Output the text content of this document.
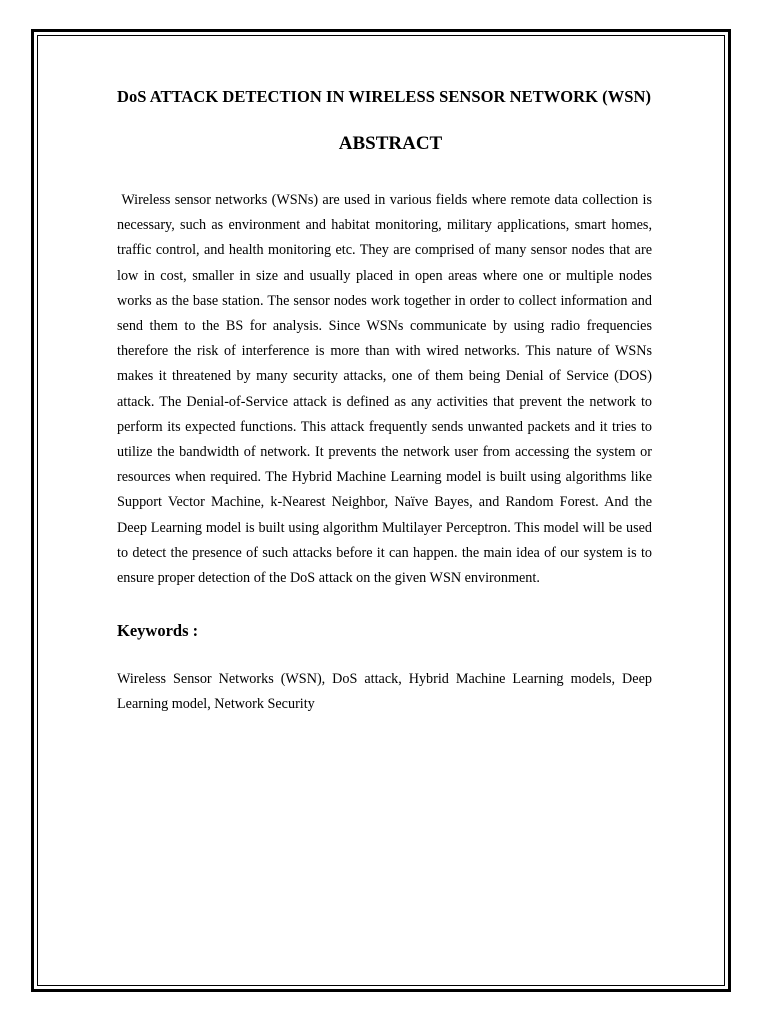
DoS ATTACK DETECTION IN WIRELESS SENSOR NETWORK (WSN)
ABSTRACT

Wireless sensor networks (WSNs) are used in various fields where remote data collection is necessary, such as environment and habitat monitoring, military applications, smart homes, traffic control, and health monitoring etc. They are comprised of many sensor nodes that are low in cost, smaller in size and usually placed in open areas where one or multiple nodes works as the base station. The sensor nodes work together in order to collect information and send them to the BS for analysis. Since WSNs communicate by using radio frequencies therefore the risk of interference is more than with wired networks. This nature of WSNs makes it threatened by many security attacks, one of them being Denial of Service (DOS) attack. The Denial-of-Service attack is defined as any activities that prevent the network to perform its expected functions. This attack frequently sends unwanted packets and it tries to utilize the bandwidth of network. It prevents the network user from accessing the system or resources when required. The Hybrid Machine Learning model is built using algorithms like Support Vector Machine, k-Nearest Neighbor, Naïve Bayes, and Random Forest. And the Deep Learning model is built using algorithm Multilayer Perceptron. This model will be used to detect the presence of such attacks before it can happen. the main idea of our system is to ensure proper detection of the DoS attack on the given WSN environment.

Keywords :

Wireless Sensor Networks (WSN), DoS attack, Hybrid Machine Learning models, Deep Learning model, Network Security
